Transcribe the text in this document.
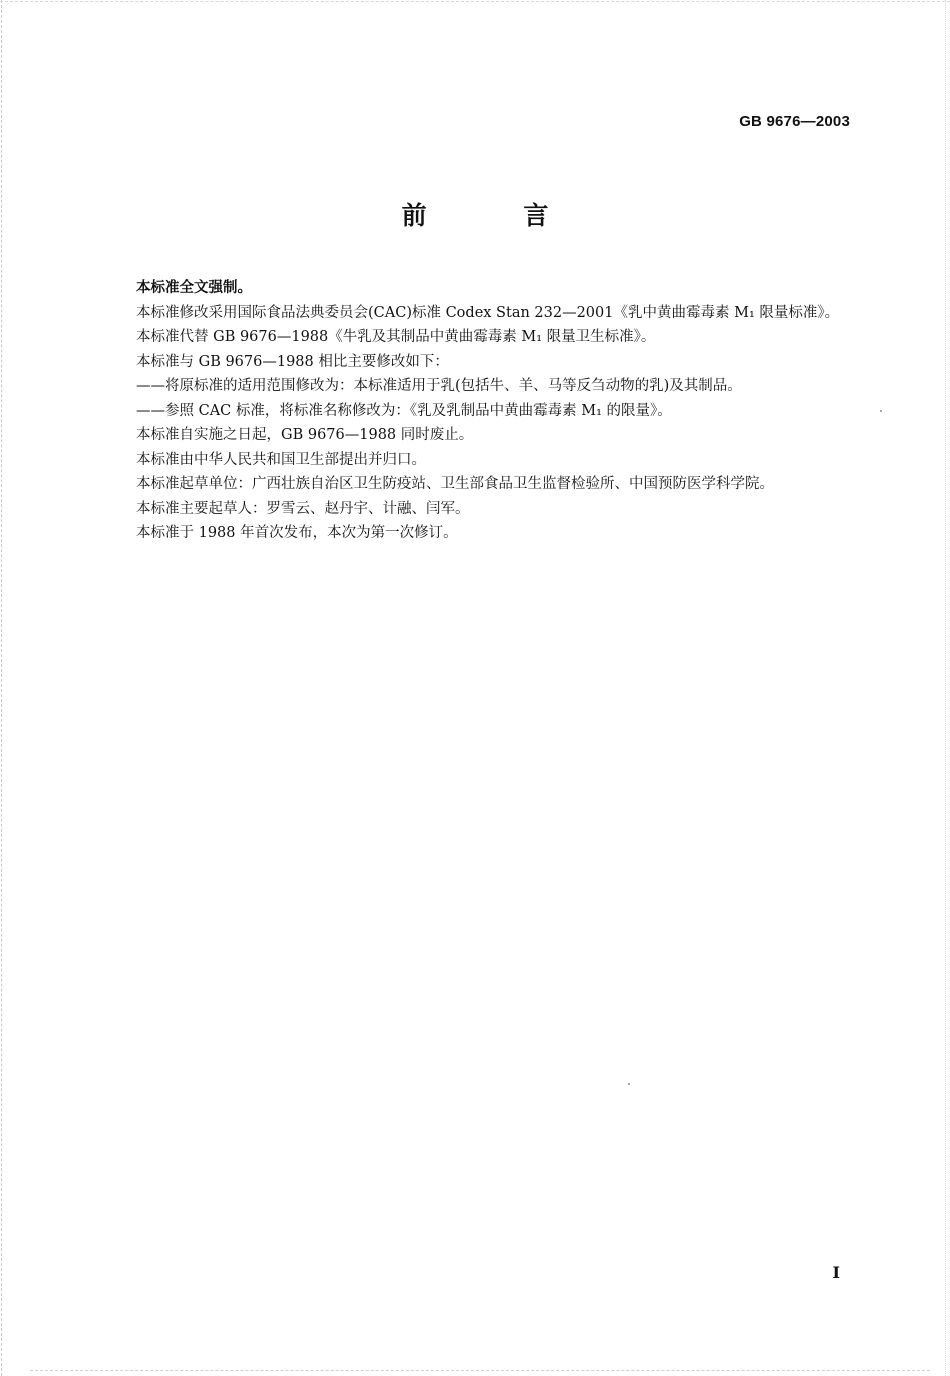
GB 9676—2003
前 言

本标准全文强制。

本标准修改采用国际食品法典委员会(CAC)标准 Codex Stan 232—2001《乳中黄曲霉毒素 M₁ 限量标准》。

本标准代替 GB 9676—1988《牛乳及其制品中黄曲霉毒素 M₁ 限量卫生标准》。

本标准与 GB 9676—1988 相比主要修改如下：

——将原标准的适用范围修改为：本标准适用于乳(包括牛、羊、马等反刍动物的乳)及其制品。

——参照 CAC 标准，将标准名称修改为：《乳及乳制品中黄曲霉毒素 M₁ 的限量》。

本标准自实施之日起，GB 9676—1988 同时废止。

本标准由中华人民共和国卫生部提出并归口。

本标准起草单位：广西壮族自治区卫生防疫站、卫生部食品卫生监督检验所、中国预防医学科学院。

本标准主要起草人：罗雪云、赵丹宇、计融、闫军。

本标准于 1988 年首次发布，本次为第一次修订。

I
